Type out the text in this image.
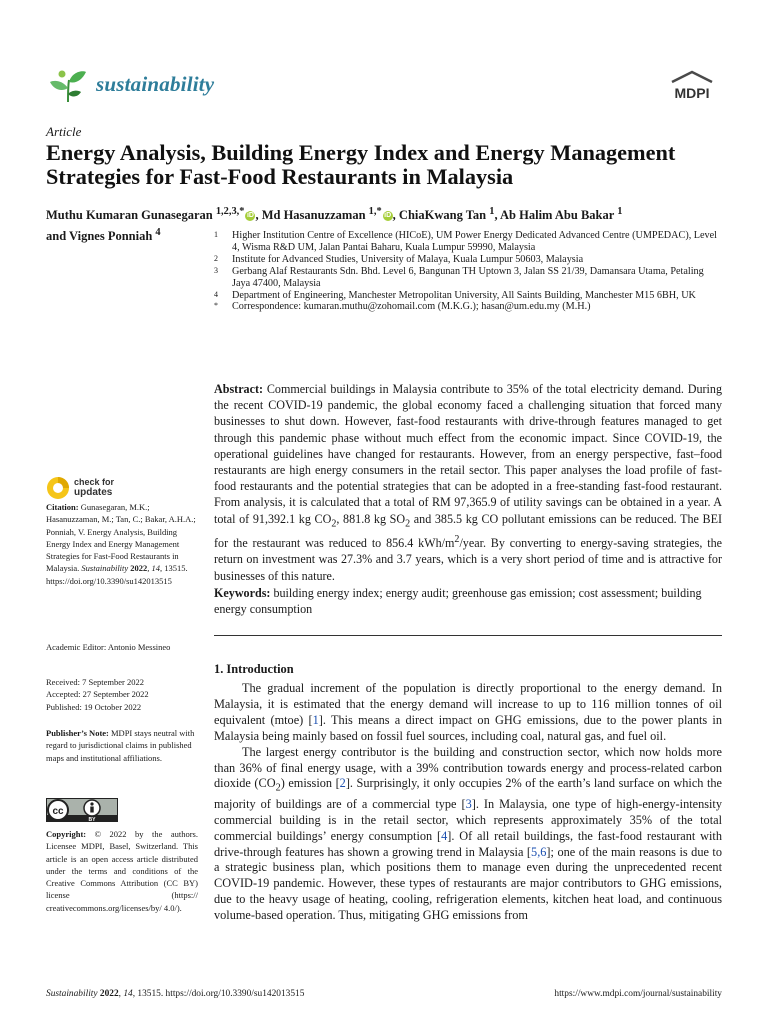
sustainability	MDPI
Article
Energy Analysis, Building Energy Index and Energy Management Strategies for Fast-Food Restaurants in Malaysia
Muthu Kumaran Gunasegaran $^{1,2,3,*}$ iD , Md Hasanuzzaman $^{1,*}$ iD , ChiaKwang Tan $^1$, Ab Halim Abu Bakar $^1$
and Vignes Ponniah $^4$	1	Higher Institution Centre of Excellence (HICoE), UM Power Energy Dedicated Advanced Centre (UMPEDAC), Level 4, Wisma R&D UM, Jalan Pantai Baharu, Kuala Lumpur 59990, Malaysia
2	Institute for Advanced Studies, University of Malaya, Kuala Lumpur 50603, Malaysia
3	Gerbang Alaf Restaurants Sdn. Bhd. Level 6, Bangunan TH Uptown 3, Jalan SS 21/39, Damansara Utama, Petaling Jaya 47400, Malaysia
4	Department of Engineering, Manchester Metropolitan University, All Saints Building, Manchester M15 6BH, UK
*	Correspondence: kumaran.muthu@zohomail.com (M.K.G.); hasan@um.edu.my (M.H.)
Abstract: Commercial buildings in Malaysia contribute to 35% of the total electricity demand. During the recent COVID-19 pandemic, the global economy faced a challenging situation that forced many businesses to shut down. However, fast-food restaurants with drive-through features managed to get through this pandemic phase without much effect from the economic impact. Since COVID-19, the operational guidelines have changed for restaurants. However, from an energy perspective, fast–food restaurants are high energy consumers in the retail sector. This paper analyses the load profile of fast-food restaurants and the potential strategies that can be adopted in a free-standing fast-food restaurant. From analysis, it is calculated that a total of RM 97,365.9 of utility savings can be obtained in a year. A total of 91,392.1 kg $CO_2$, 881.8 kg $SO_2$ and 385.5 kg CO pollutant emissions can be reduced. The BEI for the restaurant was reduced to 856.4 kWh/$m^2$/year. By converting to energy-saving strategies, the return on investment was 27.3% and 3.7 years, which is a very short period of time and is attractive for businesses of this nature.
Keywords: building energy index; energy audit; greenhouse gas emission; cost assessment; building energy consumption
check for
updates
Citation: Gunasegaran, M.K.; Hasanuzzaman, M.; Tan, C.; Bakar, A.H.A.; Ponniah, V. Energy Analysis, Building Energy Index and Energy Management Strategies for Fast-Food Restaurants in Malaysia. Sustainability 2022, 14, 13515. https://doi.org/10.3390/su142013515
Academic Editor: Antonio Messineo
Received: 7 September 2022
Accepted: 27 September 2022
Published: 19 October 2022
Publisher’s Note: MDPI stays neutral with regard to jurisdictional claims in published maps and institutional affiliations.
cc
BY
Copyright: © 2022 by the authors. Licensee MDPI, Basel, Switzerland. This article is an open access article distributed under the terms and conditions of the Creative Commons Attribution (CC BY) license (https:// creativecommons.org/licenses/by/ 4.0/).
1. Introduction

The gradual increment of the population is directly proportional to the energy demand. In Malaysia, it is estimated that the energy demand will increase to up to 116 million tonnes of oil equivalent (mtoe) [1]. This means a direct impact on GHG emissions, due to the power plants in Malaysia being mainly based on fossil fuel sources, including coal, natural gas, and fuel oil.

The largest energy contributor is the building and construction sector, which now holds more than 36% of final energy usage, with a 39% contribution towards energy and process-related carbon dioxide $(CO_2)$ emission [2]. Surprisingly, it only occupies 2% of the earth’s land surface on which the majority of buildings are of a commercial type [3]. In Malaysia, one type of high-energy-intensity commercial building is in the retail sector, which represents approximately 35% of the total commercial buildings’ energy consumption [4]. Of all retail buildings, the fast-food restaurant with drive-through features has shown a growing trend in Malaysia [5,6]; one of the main reasons is due to a strategic business plan, which positions them to manage even during the unprecedented recent COVID-19 pandemic. However, these types of restaurants are major contributors to GHG emissions, due to the heavy usage of heating, cooling, refrigeration elements, kitchen heat load, and continuous volume-based operation. Thus, mitigating GHG emissions from

Sustainability 2022, 14, 13515. https://doi.org/10.3390/su142013515	https://www.mdpi.com/journal/sustainability
